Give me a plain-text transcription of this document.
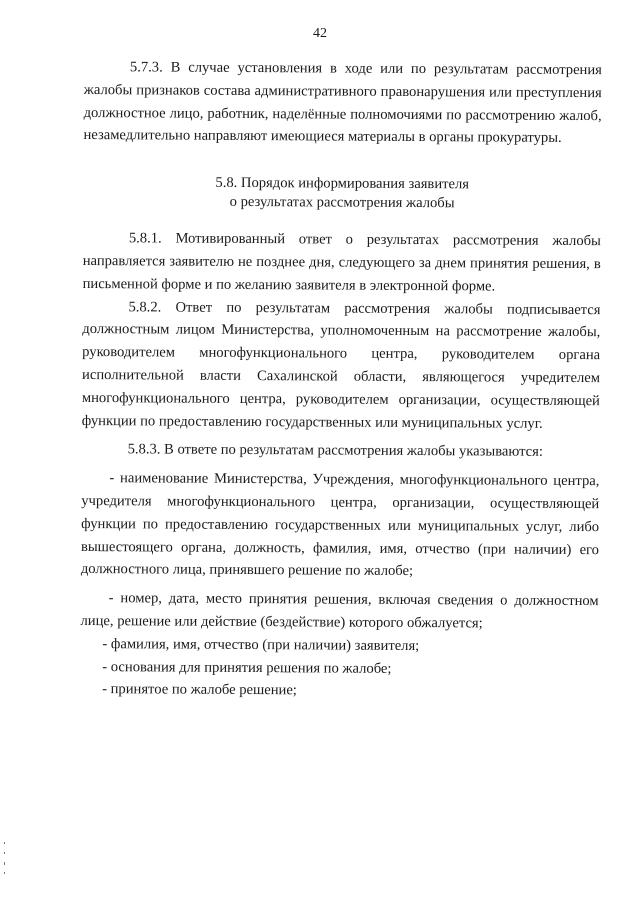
42

5.7.3. В случае установления в ходе или по результатам рассмотрения жалобы признаков состава административного правонарушения или преступления должностное лицо, работник, наделённые полномочиями по рассмотрению жалоб, незамедлительно направляют имеющиеся материалы в органы прокуратуры.

5.8. Порядок информирования заявителя
о результатах рассмотрения жалобы

5.8.1. Мотивированный ответ о результатах рассмотрения жалобы направляется заявителю не позднее дня, следующего за днем принятия решения, в письменной форме и по желанию заявителя в электронной форме.

5.8.2. Ответ по результатам рассмотрения жалобы подписывается должностным лицом Министерства, уполномоченным на рассмотрение жалобы, руководителем многофункционального центра, руководителем органа исполнительной власти Сахалинской области, являющегося учредителем многофункционального центра, руководителем организации, осуществляющей функции по предоставлению государственных или муниципальных услуг.

5.8.3. В ответе по результатам рассмотрения жалобы указываются:

- наименование Министерства, Учреждения, многофункционального центра, учредителя многофункционального центра, организации, осуществляющей функции по предоставлению государственных или муниципальных услуг, либо вышестоящего органа, должность, фамилия, имя, отчество (при наличии) его должностного лица, принявшего решение по жалобе;

- номер, дата, место принятия решения, включая сведения о должностном лице, решение или действие (бездействие) которого обжалуется;

- фамилия, имя, отчество (при наличии) заявителя;

- основания для принятия решения по жалобе;

- принятое по жалобе решение;
